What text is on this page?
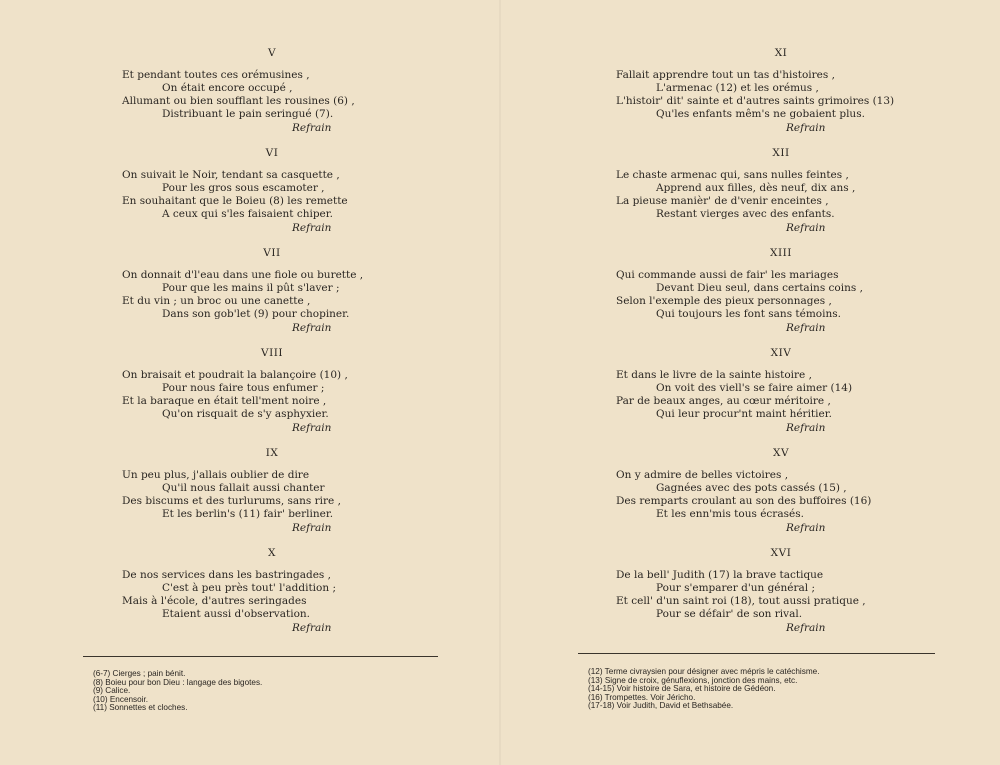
V
Et pendant toutes ces orémusines ,
On était encore occupé ,
Allumant ou bien soufflant les rousines (6) ,
Distribuant le pain seringué (7).
Refrain
VI
On suivait le Noir, tendant sa casquette ,
Pour les gros sous escamoter ,
En souhaitant que le Boieu (8) les remette
A ceux qui s'les faisaient chiper.
Refrain
VII
On donnait d'l'eau dans une fiole ou burette ,
Pour que les mains il pût s'laver ;
Et du vin ; un broc ou une canette ,
Dans son gob'let (9) pour chopiner.
Refrain
VIII
On braisait et poudrait la balançoire (10) ,
Pour nous faire tous enfumer ;
Et la baraque en était tell'ment noire ,
Qu'on risquait de s'y asphyxier.
Refrain
IX
Un peu plus, j'allais oublier de dire
Qu'il nous fallait aussi chanter
Des biscums et des turlurums, sans rire ,
Et les berlin's (11) fair' berliner.
Refrain
X
De nos services dans les bastringades ,
C'est à peu près tout' l'addition ;
Mais à l'école, d'autres seringades
Etaient aussi d'observation.
Refrain
(6-7) Cierges ; pain bénit.
(8) Boieu pour bon Dieu : langage des bigotes.
(9) Calice.
(10) Encensoir.
(11) Sonnettes et cloches.
XI
Fallait apprendre tout un tas d'histoires ,
L'armenac (12) et les orémus ,
L'histoir' dit' sainte et d'autres saints grimoires (13)
Qu'les enfants mêm's ne gobaient plus.
Refrain
XII
Le chaste armenac qui, sans nulles feintes ,
Apprend aux filles, dès neuf, dix ans ,
La pieuse manièr' de d'venir enceintes ,
Restant vierges avec des enfants.
Refrain
XIII
Qui commande aussi de fair' les mariages
Devant Dieu seul, dans certains coins ,
Selon l'exemple des pieux personnages ,
Qui toujours les font sans témoins.
Refrain
XIV
Et dans le livre de la sainte histoire ,
On voit des viell's se faire aimer (14)
Par de beaux anges, au cœur méritoire ,
Qui leur procur'nt maint héritier.
Refrain
XV
On y admire de belles victoires ,
Gagnées avec des pots cassés (15) ,
Des remparts croulant au son des buffoires (16)
Et les enn'mis tous écrasés.
Refrain
XVI
De la bell' Judith (17) la brave tactique
Pour s'emparer d'un général ;
Et cell' d'un saint roi (18), tout aussi pratique ,
Pour se défair' de son rival.
Refrain
(12) Terme civraysien pour désigner avec mépris le catéchisme.
(13) Signe de croix, génuflexions, jonction des mains, etc.
(14-15) Voir histoire de Sara, et histoire de Gédéon.
(16) Trompettes. Voir Jéricho.
(17-18) Voir Judith, David et Bethsabée.
